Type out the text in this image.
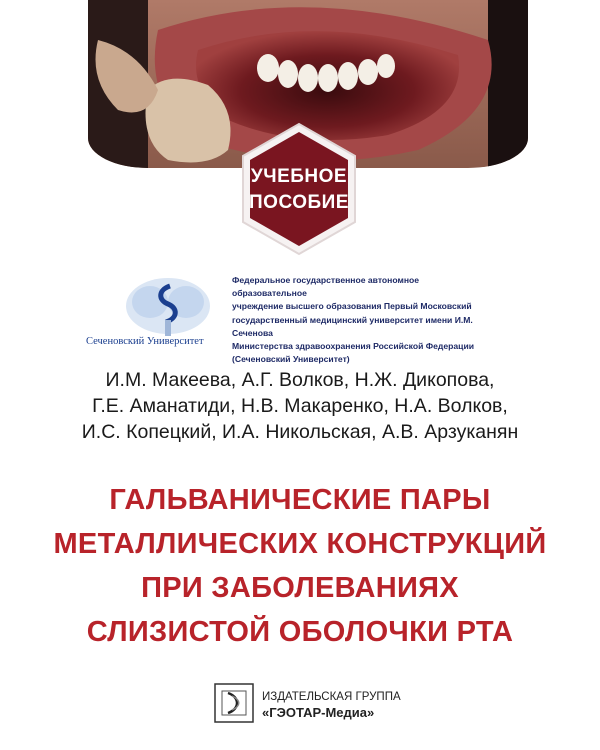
УЧЕБНОЕ
ПОСОБИЕ
Сеченовский Университет
Федеральное государственное автономное образовательное
учреждение высшего образования Первый Московский
государственный медицинский университет имени И.М. Сеченова
Министерства здравоохранения Российской Федерации
(Сеченовский Университет)
И.М. Макеева, А.Г. Волков, Н.Ж. Дикопова,
Г.Е. Аманатиди, Н.В. Макаренко, Н.А. Волков,
И.С. Копецкий, И.А. Никольская, А.В. Арзуканян
ГАЛЬВАНИЧЕСКИЕ ПАРЫ
МЕТАЛЛИЧЕСКИХ КОНСТРУКЦИЙ
ПРИ ЗАБОЛЕВАНИЯХ
СЛИЗИСТОЙ ОБОЛОЧКИ РТА
ИЗДАТЕЛЬСКАЯ ГРУППА
«ГЭОТАР-Медиа»
